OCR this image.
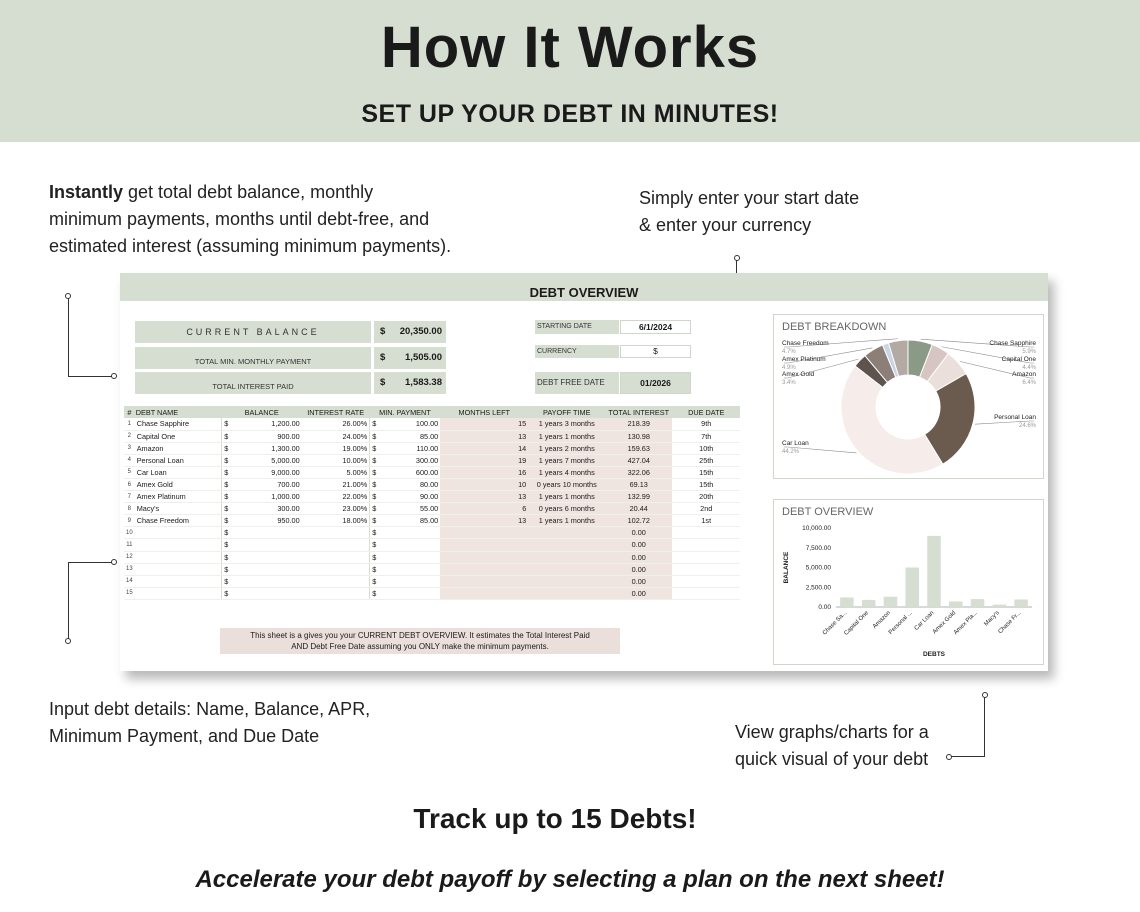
How It Works
SET UP YOUR DEBT IN MINUTES!
Instantly get total debt balance, monthly
minimum payments, months until debt-free, and
estimated interest (assuming minimum payments).
Simply enter your start date
& enter your currency
Input debt details: Name, Balance, APR,
Minimum Payment, and Due Date	View graphs/charts for a
quick visual of your debt
DEBT OVERVIEW
CURRENT BALANCE	$ 20,350.00
TOTAL MIN. MONTHLY PAYMENT	$ 1,505.00
TOTAL INTEREST PAID	$ 1,583.38
STARTING DATE	6/1/2024
CURRENCY	$
DEBT FREE DATE	01/2026
#	DEBT NAME	BALANCE		INTEREST RATE	MIN. PAYMENT		MONTHS LEFT	PAYOFF TIME	TOTAL INTEREST	DUE DATE
1	Chase Sapphire	$	1,200.00	26.00%	$	100.00	15	1 years 3 months	218.39	9th
2	Capital One	$	900.00	24.00%	$	85.00	13	1 years 1 months	130.98	7th
3	Amazon	$	1,300.00	19.00%	$	110.00	14	1 years 2 months	159.63	10th
4	Personal Loan	$	5,000.00	10.00%	$	300.00	19	1 years 7 months	427.04	25th
5	Car Loan	$	9,000.00	5.00%	$	600.00	16	1 years 4 months	322.06	15th
6	Amex Gold	$	700.00	21.00%	$	80.00	10	0 years 10 months	69.13	15th
7	Amex Platinum	$	1,000.00	22.00%	$	90.00	13	1 years 1 months	132.99	20th
8	Macy's	$	300.00	23.00%	$	55.00	6	0 years 6 months	20.44	2nd
9	Chase Freedom	$	950.00	18.00%	$	85.00	13	1 years 1 months	102.72	1st
10		$			$				0.00	
11		$			$				0.00	
12		$			$				0.00	
13		$			$				0.00	
14		$			$				0.00	
15		$			$				0.00	
This sheet is a gives you your CURRENT DEBT OVERVIEW. It estimates the Total Interest Paid
AND Debt Free Date assuming you ONLY make the minimum payments.
DEBT BREAKDOWN
Chase Sapphire
5.9%
Capital One
4.4%
Amazon
6.4%
Personal Loan
24.6%
Car Loan
44.2%
Amex Gold
3.4%
Amex Platinum
4.9%
Chase Freedom
4.7%
DEBT OVERVIEW
0.00
2,500.00
5,000.00
7,500.00
10,000.00
BALANCE
Chase Sa...
Capital One Amazon
Personal ... Car Loan
Amex Gold
Amex Pla... Macy's
Chase Fr...
DEBTS
Track up to 15 Debts!
Accelerate your debt payoff by selecting a plan on the next sheet!
